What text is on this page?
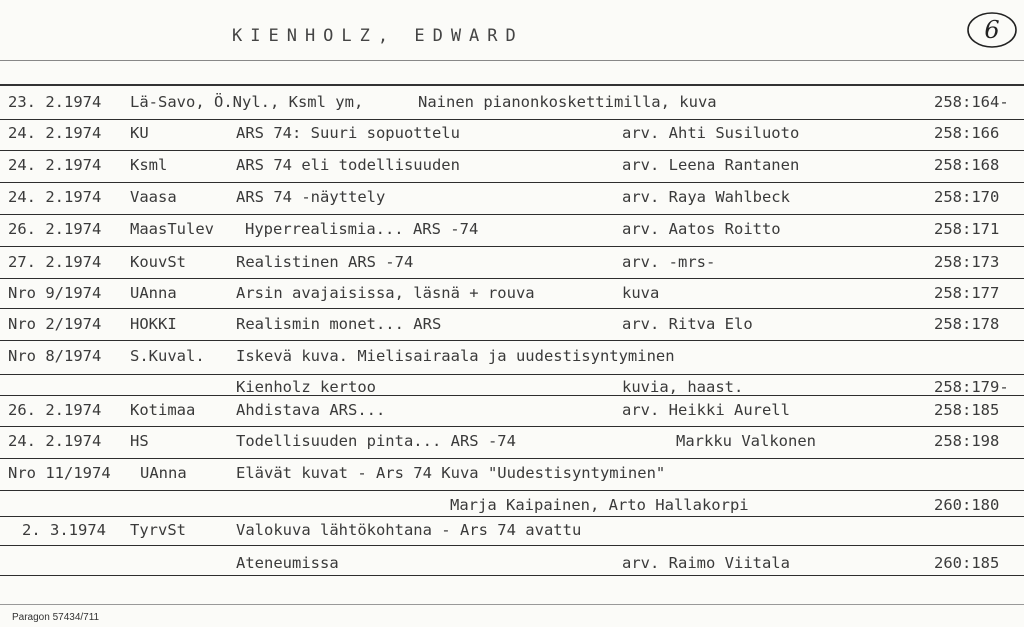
KIENHOLZ, EDWARD	6
23. 2.1974 Lä-Savo, Ö.Nyl., Ksml ym,	Nainen pianonkoskettimilla, kuva	258:164-
24. 2.1974 KU	ARS 74: Suuri sopuottelu	arv. Ahti Susiluoto	258:166
24. 2.1974 Ksml	ARS 74 eli todellisuuden	arv. Leena Rantanen	258:168
24. 2.1974 Vaasa	ARS 74 -näyttely	arv. Raya Wahlbeck	258:170
26. 2.1974 MaasTulev Hyperrealismia... ARS -74	arv. Aatos Roitto	258:171
27. 2.1974 KouvSt	Realistinen ARS -74	arv. -mrs-	258:173
Nro 9/1974 UAnna	Arsin avajaisissa, läsnä + rouva	kuva	258:177
Nro 2/1974 HOKKI	Realismin monet... ARS	arv. Ritva Elo	258:178
Nro 8/1974 S.Kuval. Iskevä kuva. Mielisairaala ja uudestisyntyminen
Kienholz kertoo	kuvia, haast.	258:179-
26. 2.1974 Kotimaa	Ahdistava ARS...	arv. Heikki Aurell	258:185
24. 2.1974 HS	Todellisuuden pinta... ARS -74	Markku Valkonen	258:198
Nro 11/1974 UAnna	Elävät kuvat - Ars 74 Kuva "Uudestisyntyminen"
Marja Kaipainen, Arto Hallakorpi	260:180
2. 3.1974 TyrvSt	Valokuva lähtökohtana - Ars 74 avattu
Ateneumissa	arv. Raimo Viitala	260:185
Paragon 57434/711
